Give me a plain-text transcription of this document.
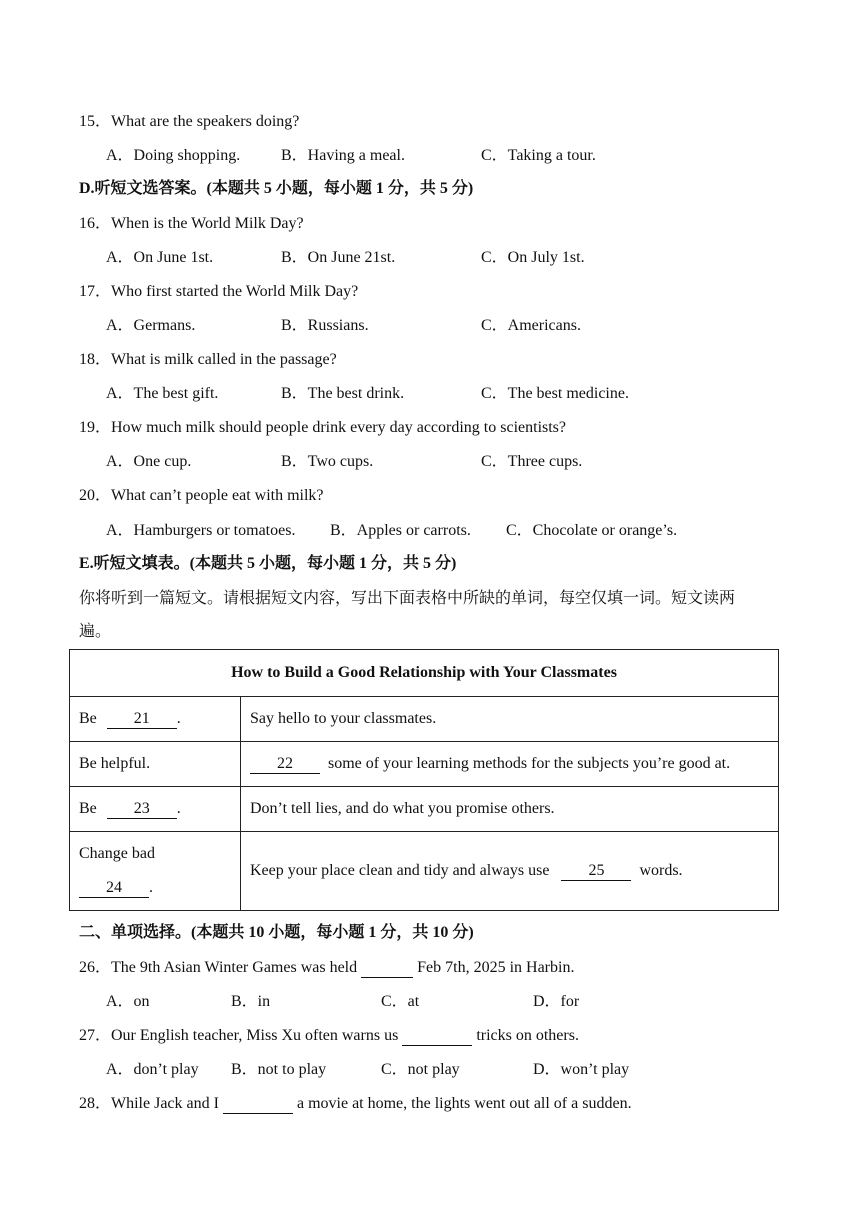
15．What are the speakers doing?
A．Doing shopping.	B．Having a meal.	C．Taking a tour.
D.听短文选答案。(本题共 5 小题，每小题 1 分，共 5 分)
16．When is the World Milk Day?
A．On June 1st.	B．On June 21st.	C．On July 1st.
17．Who first started the World Milk Day?
A．Germans.	B．Russians.	C．Americans.
18．What is milk called in the passage?
A．The best gift.	B．The best drink.	C．The best medicine.
19．How much milk should people drink every day according to scientists?
A．One cup.	B．Two cups.	C．Three cups.
20．What can’t people eat with milk?
A．Hamburgers or tomatoes. B．Apples or carrots. C．Chocolate or orange’s.
E.听短文填表。(本题共 5 小题，每小题 1 分，共 5 分)
你将听到一篇短文。请根据短文内容，写出下面表格中所缺的单词，每空仅填一词。短文读两
遍。
How to Build a Good Relationship with Your Classmates	
Be 21 .	Say hello to your classmates.
Be helpful.	22 some of your learning methods for the subjects you’re good at.
Be 23 .	Don’t tell lies, and do what you promise others.

Change bad
24 .	Keep your place clean and tidy and always use 25 words.
二、单项选择。(本题共 10 小题，每小题 1 分，共 10 分)
26．The 9th Asian Winter Games was held	Feb 7th, 2025 in Harbin.
A．on	B．in	C．at	D．for
27．Our English teacher, Miss Xu often warns us	tricks on others.
A．don’t play B．not to play	C．not play	D．won’t play
28．While Jack and I	a movie at home, the lights went out all of a sudden.
